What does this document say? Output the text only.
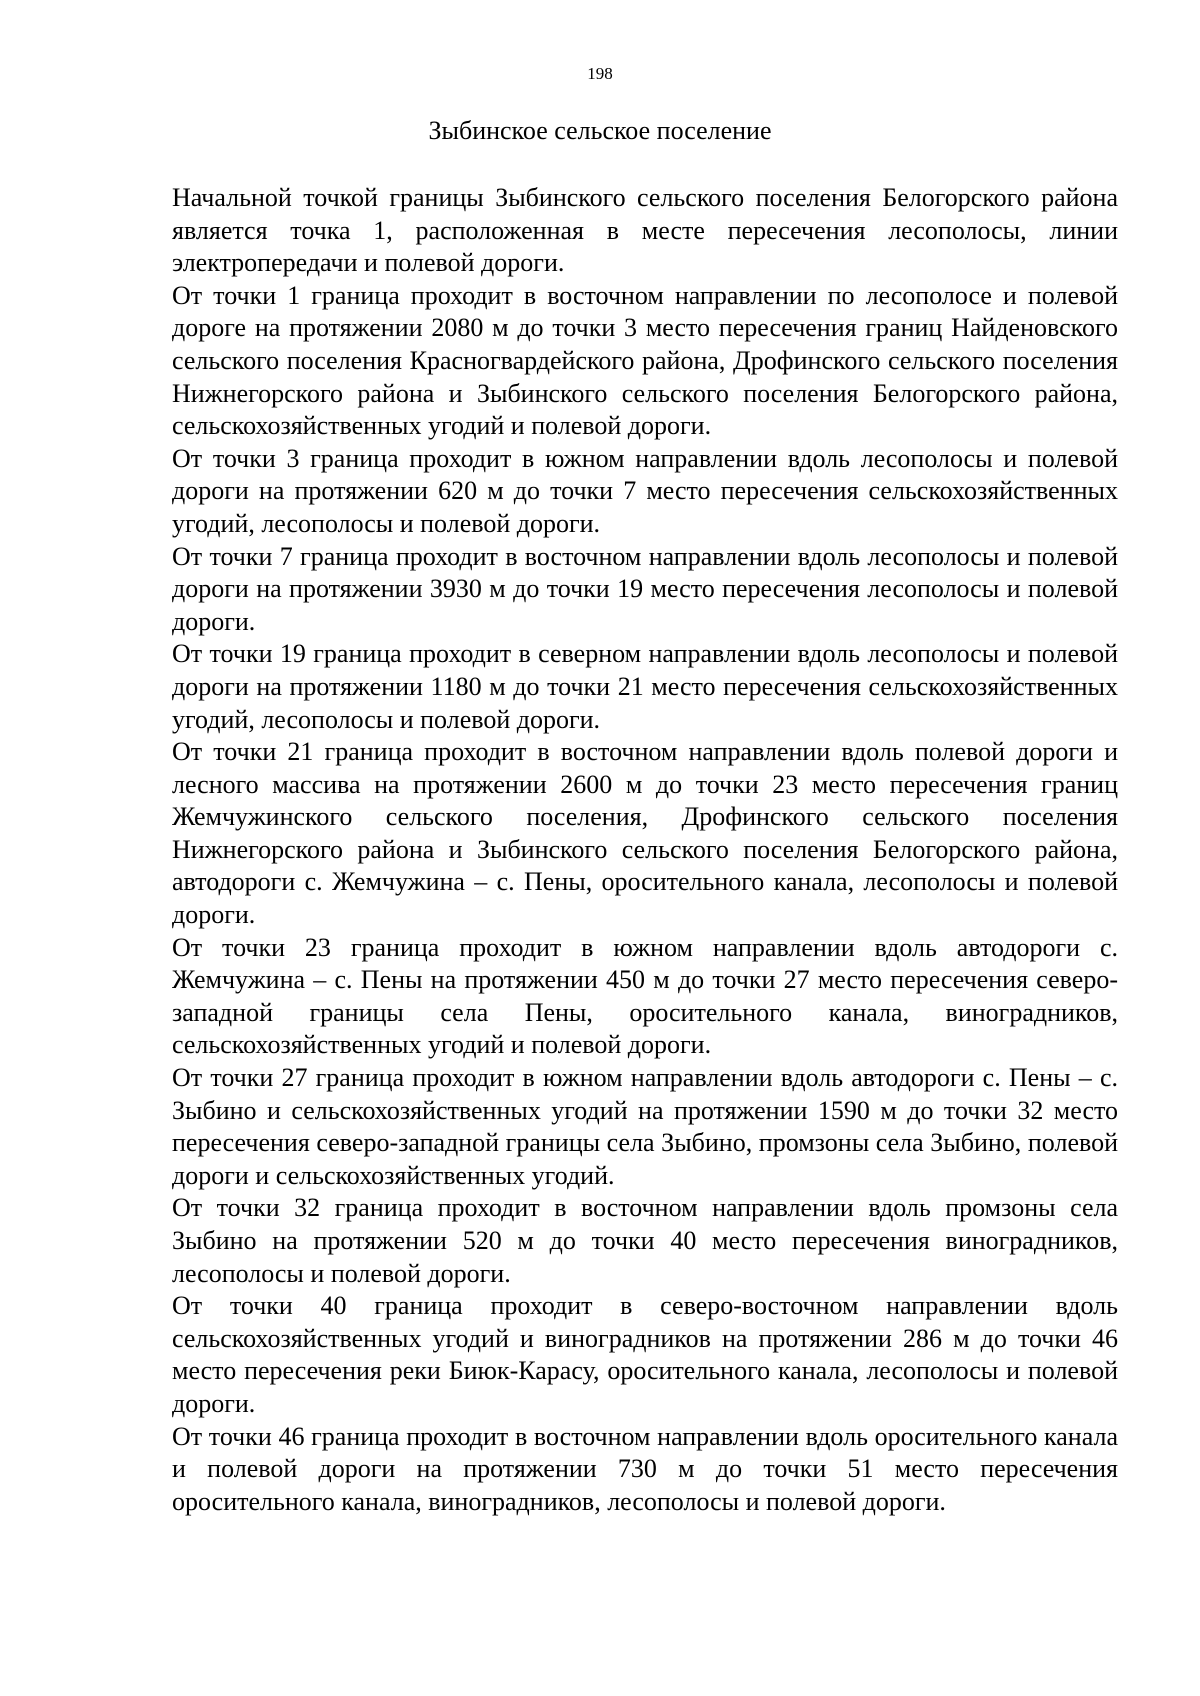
198
Зыбинское сельское поселение

Начальной точкой границы Зыбинского сельского поселения Белогорского района является точка 1, расположенная в месте пересечения лесополосы, линии электропередачи и полевой дороги.

От точки 1 граница проходит в восточном направлении по лесополосе и полевой дороге на протяжении 2080 м до точки 3 место пересечения границ Найденовского сельского поселения Красногвардейского района, Дрофинского сельского поселения Нижнегорского района и Зыбинского сельского поселения Белогорского района, сельскохозяйственных угодий и полевой дороги.

От точки 3 граница проходит в южном направлении вдоль лесополосы и полевой дороги на протяжении 620 м до точки 7 место пересечения сельскохозяйственных угодий, лесополосы и полевой дороги.

От точки 7 граница проходит в восточном направлении вдоль лесополосы и полевой дороги на протяжении 3930 м до точки 19 место пересечения лесополосы и полевой дороги.

От точки 19 граница проходит в северном направлении вдоль лесополосы и полевой дороги на протяжении 1180 м до точки 21 место пересечения сельскохозяйственных угодий, лесополосы и полевой дороги.

От точки 21 граница проходит в восточном направлении вдоль полевой дороги и лесного массива на протяжении 2600 м до точки 23 место пересечения границ Жемчужинского сельского поселения, Дрофинского сельского поселения Нижнегорского района и Зыбинского сельского поселения Белогорского района, автодороги с. Жемчужина – с. Пены, оросительного канала, лесополосы и полевой дороги.

От точки 23 граница проходит в южном направлении вдоль автодороги с. Жемчужина – с. Пены на протяжении 450 м до точки 27 место пересечения северо-западной границы села Пены, оросительного канала, виноградников, сельскохозяйственных угодий и полевой дороги.

От точки 27 граница проходит в южном направлении вдоль автодороги с. Пены – с. Зыбино и сельскохозяйственных угодий на протяжении 1590 м до точки 32 место пересечения северо-западной границы села Зыбино, промзоны села Зыбино, полевой дороги и сельскохозяйственных угодий.

От точки 32 граница проходит в восточном направлении вдоль промзоны села Зыбино на протяжении 520 м до точки 40 место пересечения виноградников, лесополосы и полевой дороги.

От точки 40 граница проходит в северо-восточном направлении вдоль сельскохозяйственных угодий и виноградников на протяжении 286 м до точки 46 место пересечения реки Биюк-Карасу, оросительного канала, лесополосы и полевой дороги.

От точки 46 граница проходит в восточном направлении вдоль оросительного канала и полевой дороги на протяжении 730 м до точки 51 место пересечения оросительного канала, виноградников, лесополосы и полевой дороги.
